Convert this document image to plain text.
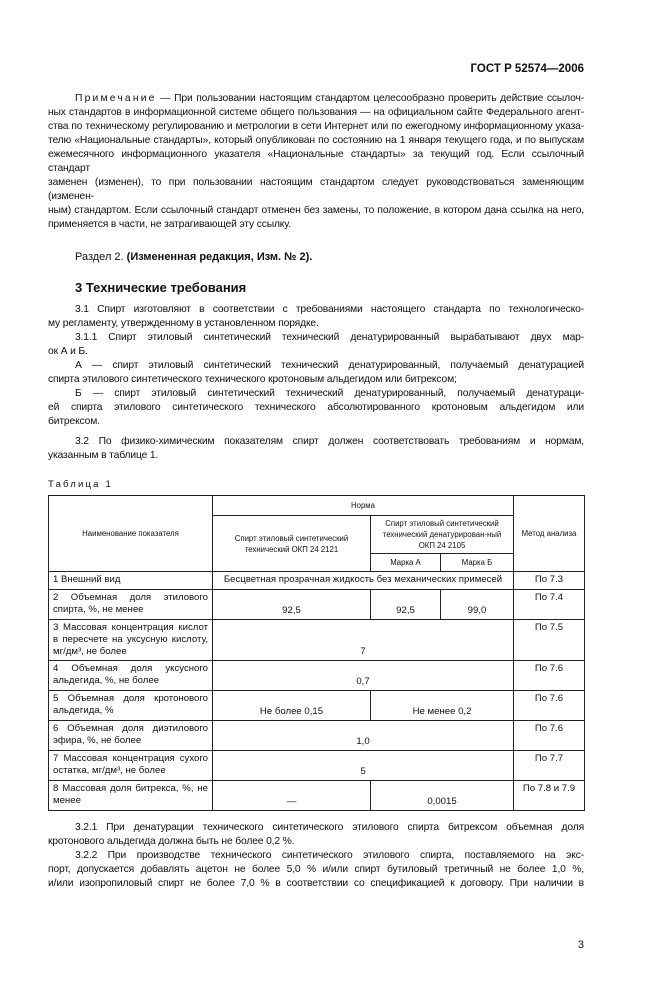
ГОСТ Р 52574—2006
Примечание — При пользовании настоящим стандартом целесообразно проверить действие ссылоч-
ных стандартов в информационной системе общего пользования — на официальном сайте Федерального агент-
ства по техническому регулированию и метрологии в сети Интернет или по ежегодному информационному указа-
телю «Национальные стандарты», который опубликован по состоянию на 1 января текущего года, и по выпускам
ежемесячного информационного указателя «Национальные стандарты» за текущий год. Если ссылочный стандарт
заменен (изменен), то при пользовании настоящим стандартом следует руководствоваться заменяющим (изменен-
ным) стандартом. Если ссылочный стандарт отменен без замены, то положение, в котором дана ссылка на него,
применяется в части, не затрагивающей эту ссылку.
Раздел 2. (Измененная редакция, Изм. № 2).
3 Технические требования
3.1 Спирт изготовляют в соответствии с требованиями настоящего стандарта по технологическо-
му регламенту, утвержденному в установленном порядке.
3.1.1 Спирт этиловый синтетический технический денатурированный вырабатывают двух мар-
ок А и Б.
А — спирт этиловый синтетический технический денатурированный, получаемый денатурацией
спирта этилового синтетического технического кротоновым альдегидом или битрексом;
Б — спирт этиловый синтетический технический денатурированный, получаемый денатураци-
ей спирта этилового синтетического технического абсолютированного кротоновым альдегидом или
битрексом.
3.2 По физико-химическим показателям спирт должен соответствовать требованиям и нормам,
указанным в таблице 1.
Таблица 1
Наименование показателя	Норма			Метод анализа
	Спирт этиловый синтетический технический ОКП 24 2121	Спирт этиловый синтетический технический денатурирован-ный ОКП 24 2105		
		Марка А	Марка Б	
1 Внешний вид	Бесцветная прозрачная жидкость без механических примесей			По 7.3
2 Объемная доля этилового спирта, %, не менее	92,5	92,5	99,0	По 7.4
3 Массовая концентрация кислот в пересчете на уксусную кислоту, мг/дм³, не более	7			По 7.5
4 Объемная доля уксусного альдегида, %, не более	0,7			По 7.6
5 Объемная доля кротонового альдегида, %	Не более 0,15	Не менее 0,2		По 7.6
6 Объемная доля диэтилового эфира, %, не более	1,0			По 7.6
7 Массовая концентрация сухого остатка, мг/дм³, не более	5			По 7.7
8 Массовая доля битрекса, %, не менее	—	0,0015		По 7.8 и 7.9
3.2.1 При денатурации технического синтетического этилового спирта битрексом объемная доля
кротонового альдегида должна быть не более 0,2 %.
3.2.2 При производстве технического синтетического этилового спирта, поставляемого на экс-
порт, допускается добавлять ацетон не более 5,0 % и/или спирт бутиловый третичный не более 1,0 %,
и/или изопропиловый спирт не более 7,0 % в соответствии со спецификацией к договору. При наличии в
3
